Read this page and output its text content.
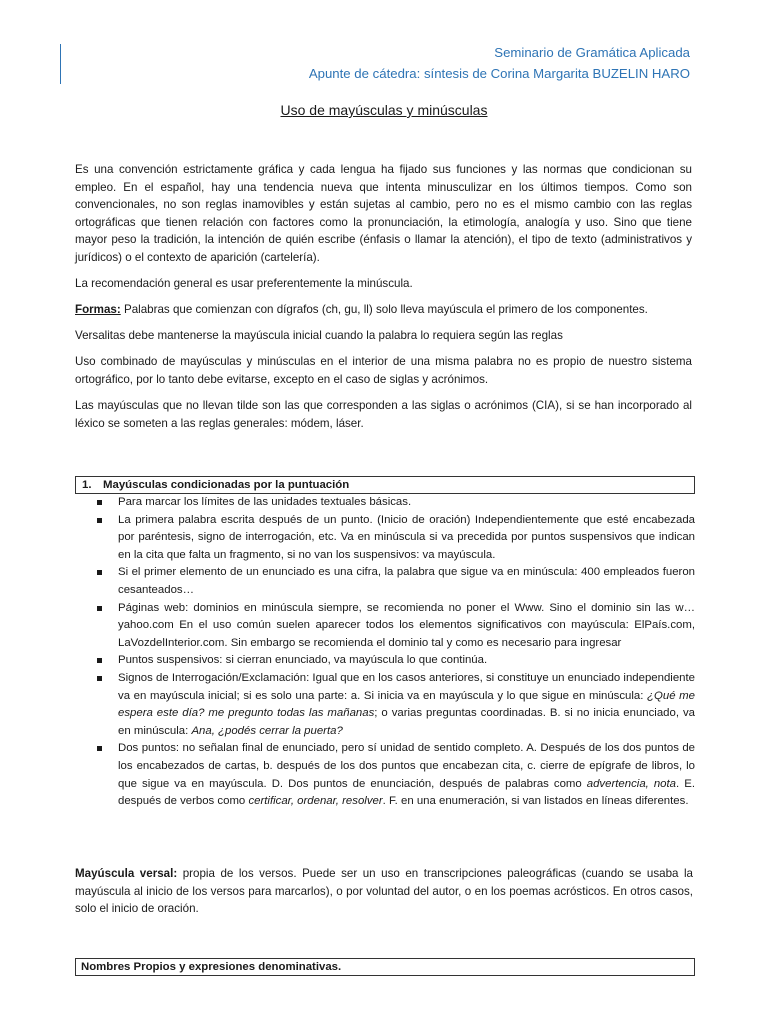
Seminario de Gramática Aplicada
Apunte de cátedra: síntesis de Corina Margarita BUZELIN HARO
Uso de mayúsculas y minúsculas

Es una convención estrictamente gráfica y cada lengua ha fijado sus funciones y las normas que condicionan su empleo. En el español, hay una tendencia nueva que intenta minusculizar en los últimos tiempos. Como son convencionales, no son reglas inamovibles y están sujetas al cambio, pero no es el mismo cambio con las reglas ortográficas que tienen relación con factores como la pronunciación, la etimología, analogía y uso. Sino que tiene mayor peso la tradición, la intención de quién escribe (énfasis o llamar la atención), el tipo de texto (administrativos y jurídicos) o el contexto de aparición (cartelería).

La recomendación general es usar preferentemente la minúscula.

Formas: Palabras que comienzan con dígrafos (ch, gu, ll) solo lleva mayúscula el primero de los componentes.

Versalitas debe mantenerse la mayúscula inicial cuando la palabra lo requiera según las reglas

Uso combinado de mayúsculas y minúsculas en el interior de una misma palabra no es propio de nuestro sistema ortográfico, por lo tanto debe evitarse, excepto en el caso de siglas y acrónimos.

Las mayúsculas que no llevan tilde son las que corresponden a las siglas o acrónimos (CIA), si se han incorporado al léxico se someten a las reglas generales: módem, láser.

1. Mayúsculas condicionadas por la puntuación
Para marcar los límites de las unidades textuales básicas.
La primera palabra escrita después de un punto. (Inicio de oración) Independientemente que esté encabezada por paréntesis, signo de interrogación, etc. Va en minúscula si va precedida por puntos suspensivos que indican en la cita que falta un fragmento, si no van los suspensivos: va mayúscula.
Si el primer elemento de un enunciado es una cifra, la palabra que sigue va en minúscula: 400 empleados fueron cesanteados…
Páginas web: dominios en minúscula siempre, se recomienda no poner el Www. Sino el dominio sin las w… yahoo.com En el uso común suelen aparecer todos los elementos significativos con mayúscula: ElPaís.com, LaVozdelInterior.com. Sin embargo se recomienda el dominio tal y como es necesario para ingresar
Puntos suspensivos: si cierran enunciado, va mayúscula lo que continúa.
Signos de Interrogación/Exclamación: Igual que en los casos anteriores, si constituye un enunciado independiente va en mayúscula inicial; si es solo una parte: a. Si inicia va en mayúscula y lo que sigue en minúscula: ¿Qué me espera este día? me pregunto todas las mañanas; o varias preguntas coordinadas. B. si no inicia enunciado, va en minúscula: Ana, ¿podés cerrar la puerta?
Dos puntos: no señalan final de enunciado, pero sí unidad de sentido completo. A. Después de los dos puntos de los encabezados de cartas, b. después de los dos puntos que encabezan cita, c. cierre de epígrafe de libros, lo que sigue va en mayúscula. D. Dos puntos de enunciación, después de palabras como advertencia, nota. E. después de verbos como certificar, ordenar, resolver. F. en una enumeración, si van listados en líneas diferentes.

Mayúscula versal: propia de los versos. Puede ser un uso en transcripciones paleográficas (cuando se usaba la mayúscula al inicio de los versos para marcarlos), o por voluntad del autor, o en los poemas acrósticos. En otros casos, solo el inicio de oración.

Nombres Propios y expresiones denominativas.
